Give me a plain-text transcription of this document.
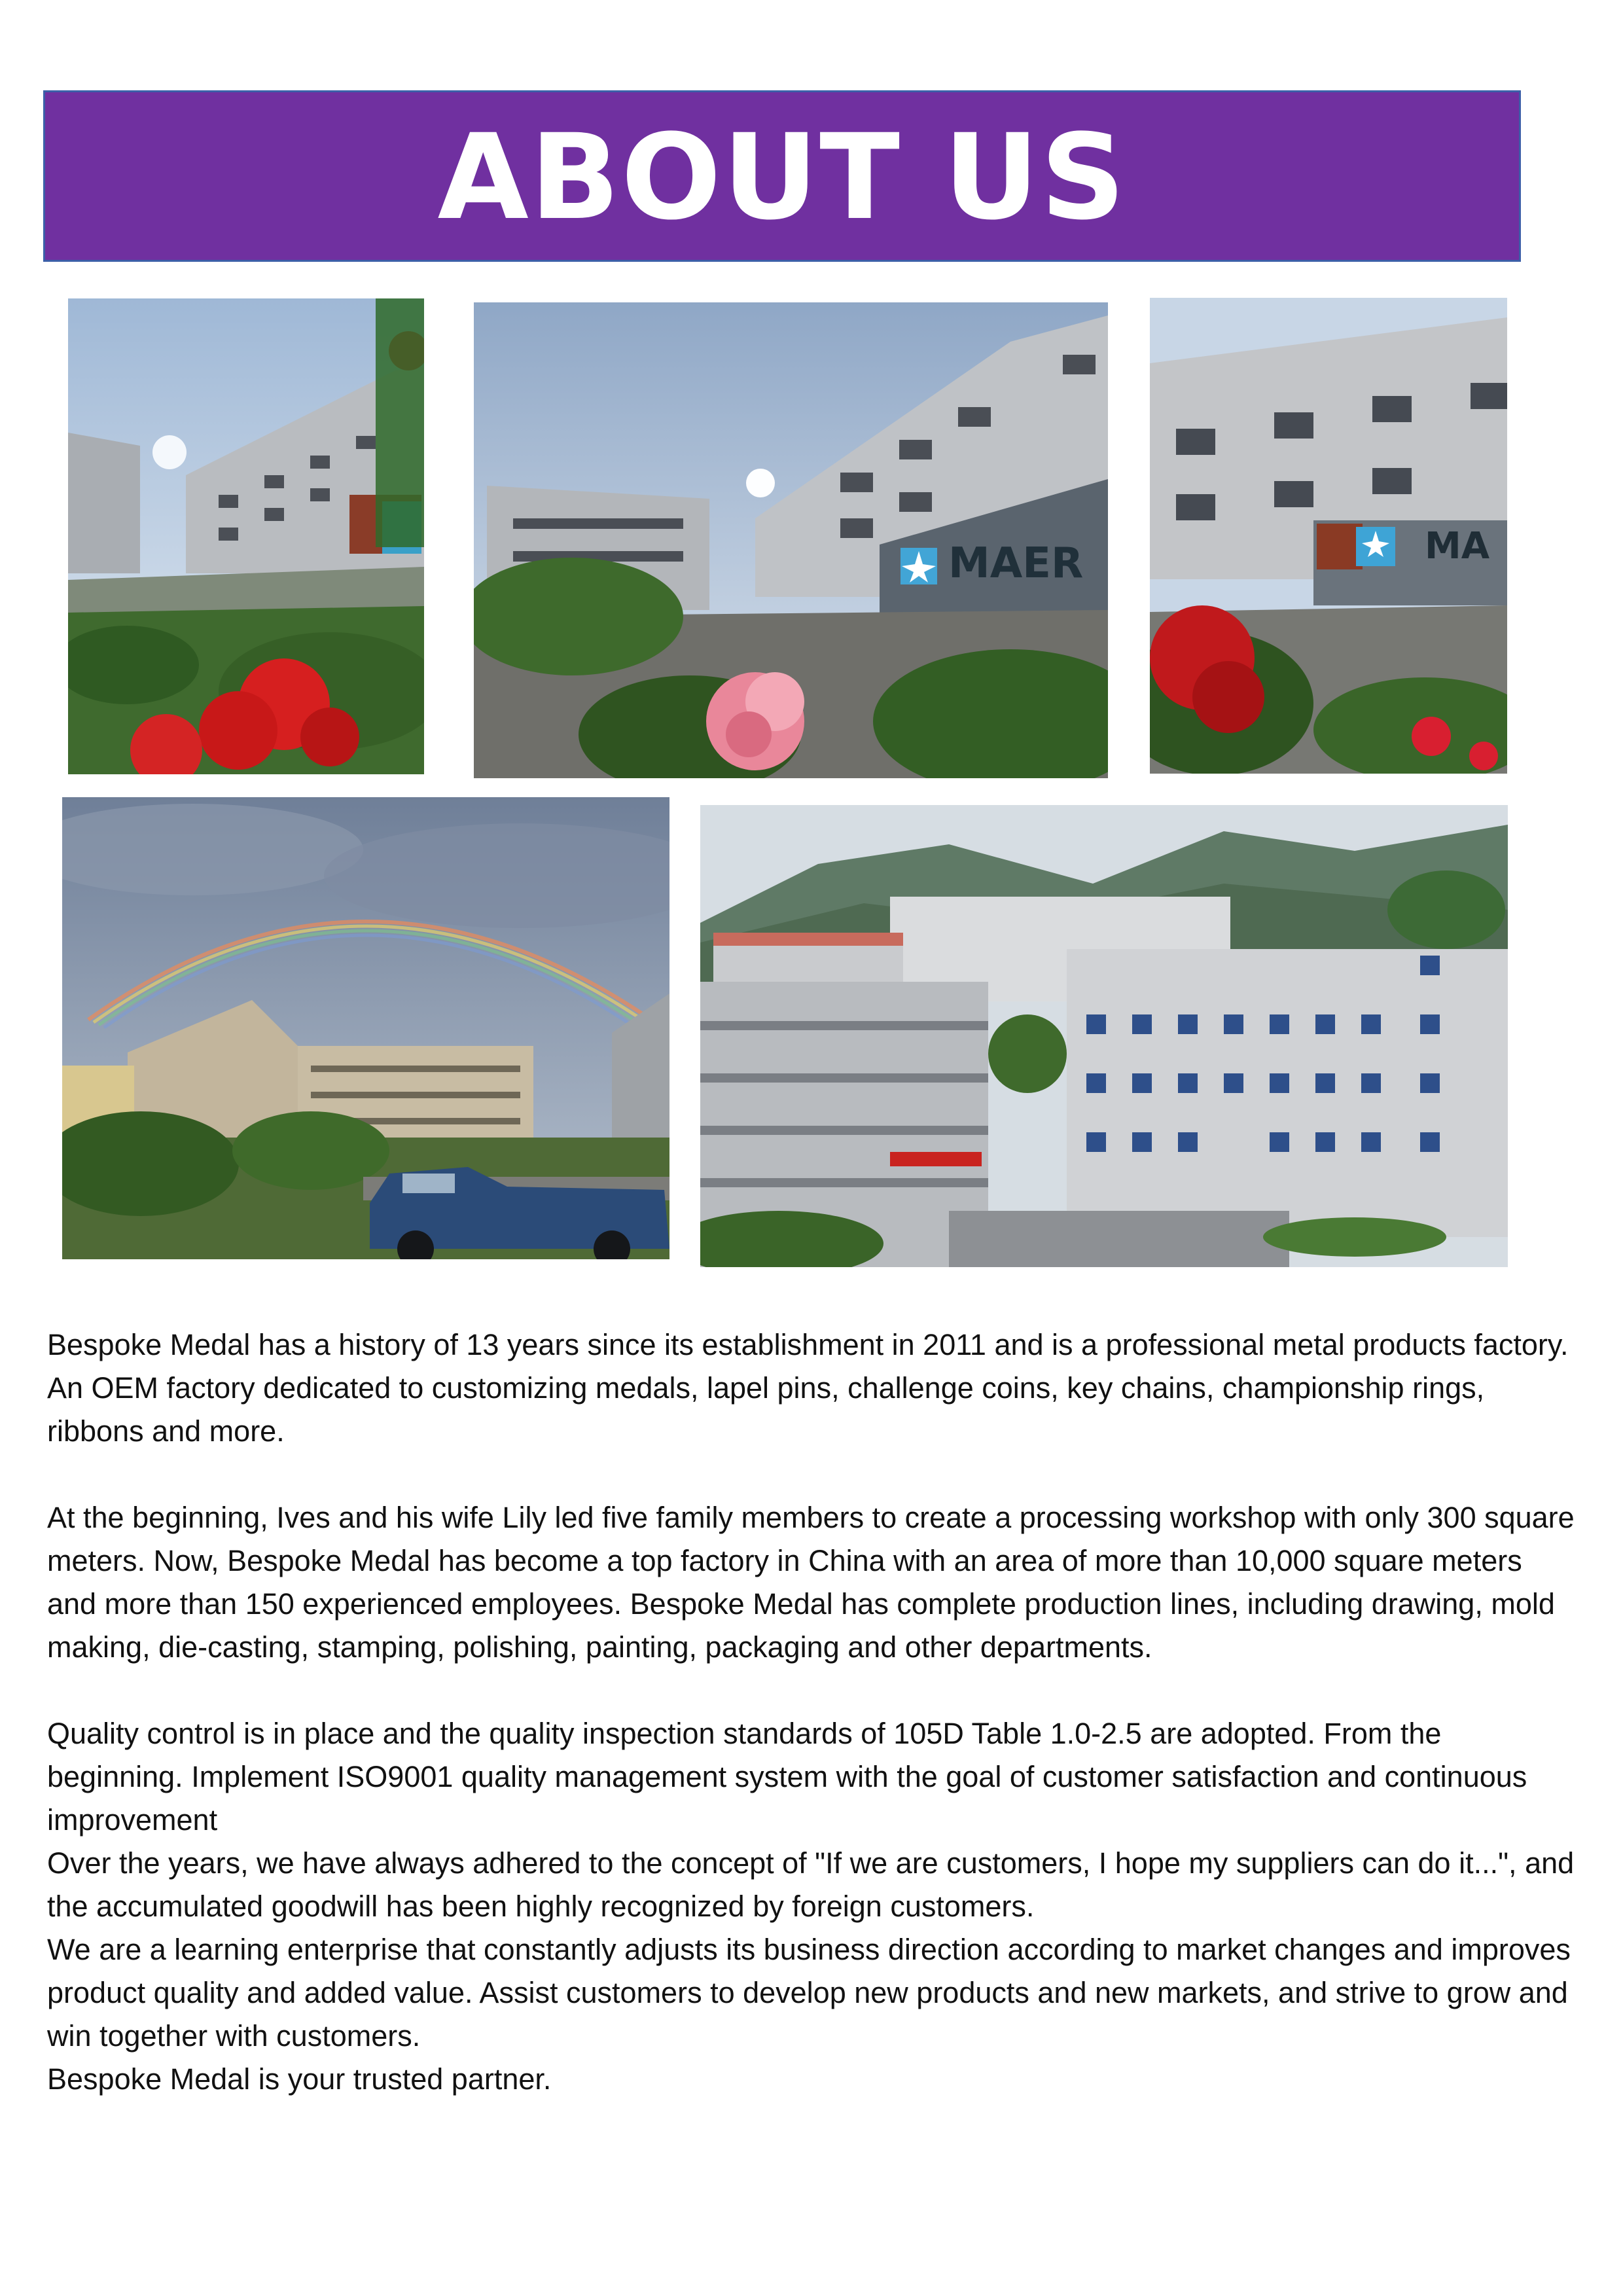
ABOUT US
MAER	MA

Bespoke Medal has a history of 13 years since its establishment in 2011 and is a professional metal products factory. An OEM factory dedicated to customizing medals, lapel pins, challenge coins, key chains, championship rings, ribbons and more.

At the beginning, Ives and his wife Lily led five family members to create a processing workshop with only 300 square meters. Now, Bespoke Medal has become a top factory in China with an area of more than 10,000 square meters and more than 150 experienced employees. Bespoke Medal has complete production lines, including drawing, mold making, die-casting, stamping, polishing, painting, packaging and other departments.

Quality control is in place and the quality inspection standards of 105D Table 1.0-2.5 are adopted. From the beginning. Implement ISO9001 quality management system with the goal of customer satisfaction and continuous improvement

Over the years, we have always adhered to the concept of "If we are customers, I hope my suppliers can do it...", and the accumulated goodwill has been highly recognized by foreign customers.

We are a learning enterprise that constantly adjusts its business direction according to market changes and improves product quality and added value. Assist customers to develop new products and new markets, and strive to grow and win together with customers.

Bespoke Medal is your trusted partner.
